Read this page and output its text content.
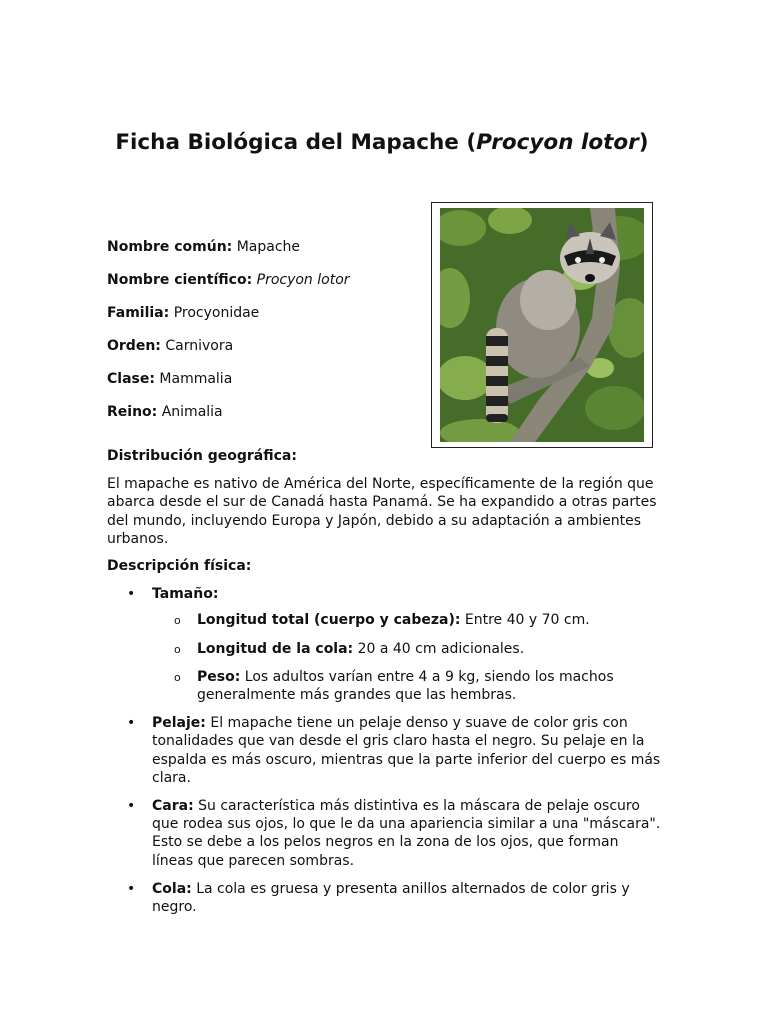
Ficha Biológica del Mapache (Procyon lotor)
Nombre común: Mapache
Nombre científico: Procyon lotor
Familia: Procyonidae
Orden: Carnivora
Clase: Mammalia
Reino: Animalia

Distribución geográfica:

El mapache es nativo de América del Norte, específicamente de la región que abarca desde el sur de Canadá hasta Panamá. Se ha expandido a otras partes del mundo, incluyendo Europa y Japón, debido a su adaptación a ambientes urbanos.

Descripción física:

• Tamaño:
o Longitud total (cuerpo y cabeza): Entre 40 y 70 cm.
o Longitud de la cola: 20 a 40 cm adicionales.
o Peso: Los adultos varían entre 4 a 9 kg, siendo los machos generalmente más grandes que las hembras.
• Pelaje: El mapache tiene un pelaje denso y suave de color gris con tonalidades que van desde el gris claro hasta el negro. Su pelaje en la espalda es más oscuro, mientras que la parte inferior del cuerpo es más clara.
• Cara: Su característica más distintiva es la máscara de pelaje oscuro que rodea sus ojos, lo que le da una apariencia similar a una "máscara". Esto se debe a los pelos negros en la zona de los ojos, que forman líneas que parecen sombras.
• Cola: La cola es gruesa y presenta anillos alternados de color gris y negro.
